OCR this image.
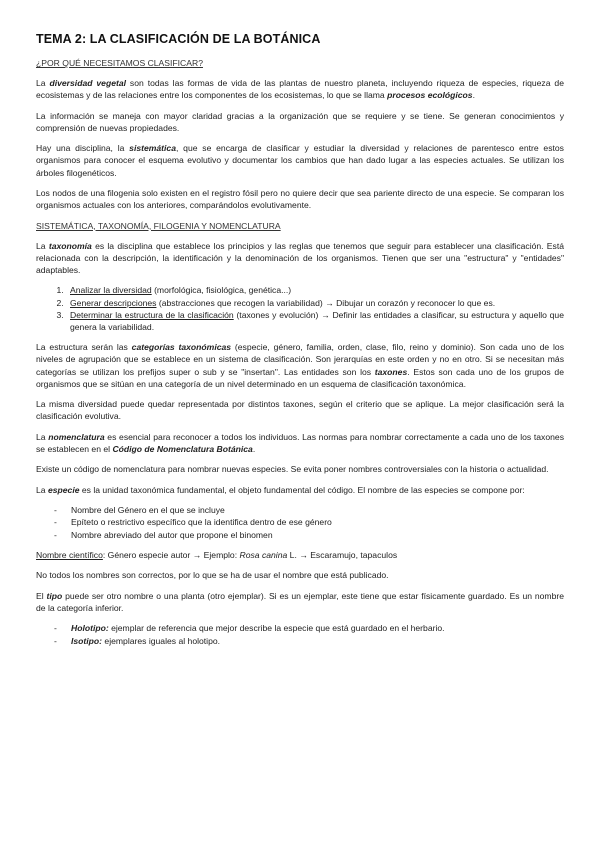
TEMA 2: LA CLASIFICACIÓN DE LA BOTÁNICA
¿POR QUÉ NECESITAMOS CLASIFICAR?

La diversidad vegetal son todas las formas de vida de las plantas de nuestro planeta, incluyendo riqueza de especies, riqueza de ecosistemas y de las relaciones entre los componentes de los ecosistemas, lo que se llama procesos ecológicos.

La información se maneja con mayor claridad gracias a la organización que se requiere y se tiene. Se generan conocimientos y comprensión de nuevas propiedades.

Hay una disciplina, la sistemática, que se encarga de clasificar y estudiar la diversidad y relaciones de parentesco entre estos organismos para conocer el esquema evolutivo y documentar los cambios que han dado lugar a las especies actuales. Se utilizan los árboles filogenéticos.

Los nodos de una filogenia solo existen en el registro fósil pero no quiere decir que sea pariente directo de una especie. Se comparan los organismos actuales con los anteriores, comparándolos evolutivamente.

SISTEMÁTICA, TAXONOMÍA, FILOGENIA Y NOMENCLATURA

La taxonomía es la disciplina que establece los principios y las reglas que tenemos que seguir para establecer una clasificación. Está relacionada con la descripción, la identificación y la denominación de los organismos. Tienen que ser una "estructura" y "entidades" adaptables.

1. Analizar la diversidad (morfológica, fisiológica, genética...)
2. Generar descripciones (abstracciones que recogen la variabilidad) → Dibujar un corazón y reconocer lo que es.
3. Determinar la estructura de la clasificación (taxones y evolución) → Definir las entidades a clasificar, su estructura y aquello que genera la variabilidad.

La estructura serán las categorías taxonómicas (especie, género, familia, orden, clase, filo, reino y dominio). Son cada uno de los niveles de agrupación que se establece en un sistema de clasificación. Son jerarquías en este orden y no en otro. Si se necesitan más categorías se utilizan los prefijos super o sub y se "insertan". Las entidades son los taxones. Estos son cada uno de los grupos de organismos que se sitúan en una categoría de un nivel determinado en un esquema de clasificación taxonómica.

La misma diversidad puede quedar representada por distintos taxones, según el criterio que se aplique. La mejor clasificación será la clasificación evolutiva.

La nomenclatura es esencial para reconocer a todos los individuos. Las normas para nombrar correctamente a cada uno de los taxones se establecen en el Código de Nomenclatura Botánica.

Existe un código de nomenclatura para nombrar nuevas especies. Se evita poner nombres controversiales con la historia o actualidad.

La especie es la unidad taxonómica fundamental, el objeto fundamental del código. El nombre de las especies se compone por:

- Nombre del Género en el que se incluye
- Epíteto o restrictivo específico que la identifica dentro de ese género
- Nombre abreviado del autor que propone el binomen

Nombre científico: Género especie autor → Ejemplo: Rosa canina L. → Escaramujo, tapaculos

No todos los nombres son correctos, por lo que se ha de usar el nombre que está publicado.

El tipo puede ser otro nombre o una planta (otro ejemplar). Si es un ejemplar, este tiene que estar físicamente guardado. Es un nombre de la categoría inferior.

- Holotipo: ejemplar de referencia que mejor describe la especie que está guardado en el herbario.
- Isotipo: ejemplares iguales al holotipo.
